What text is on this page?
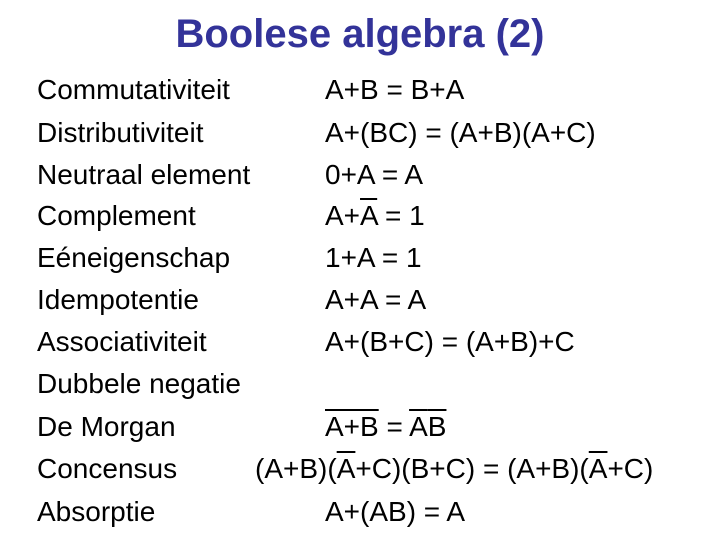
Boolese algebra (2)
Commutativiteit	A+B = B+A
Distributiviteit	A+(BC) = (A+B)(A+C)
Neutraal element	0+A = A
Complement	$A+\overline{A} = 1$
Eéneigenschap	1+A = 1
Idempotentie	A+A = A
Associativiteit	A+(B+C) = (A+B)+C
Dubbele negatie
De Morgan	$A+B = \overline{A}\overline{B}$
Concensus	$(A+B)(\overline{A}+C)(B+C) = (A+B)(\overline{A}+C)$
Absorptie	A+(AB) = A
